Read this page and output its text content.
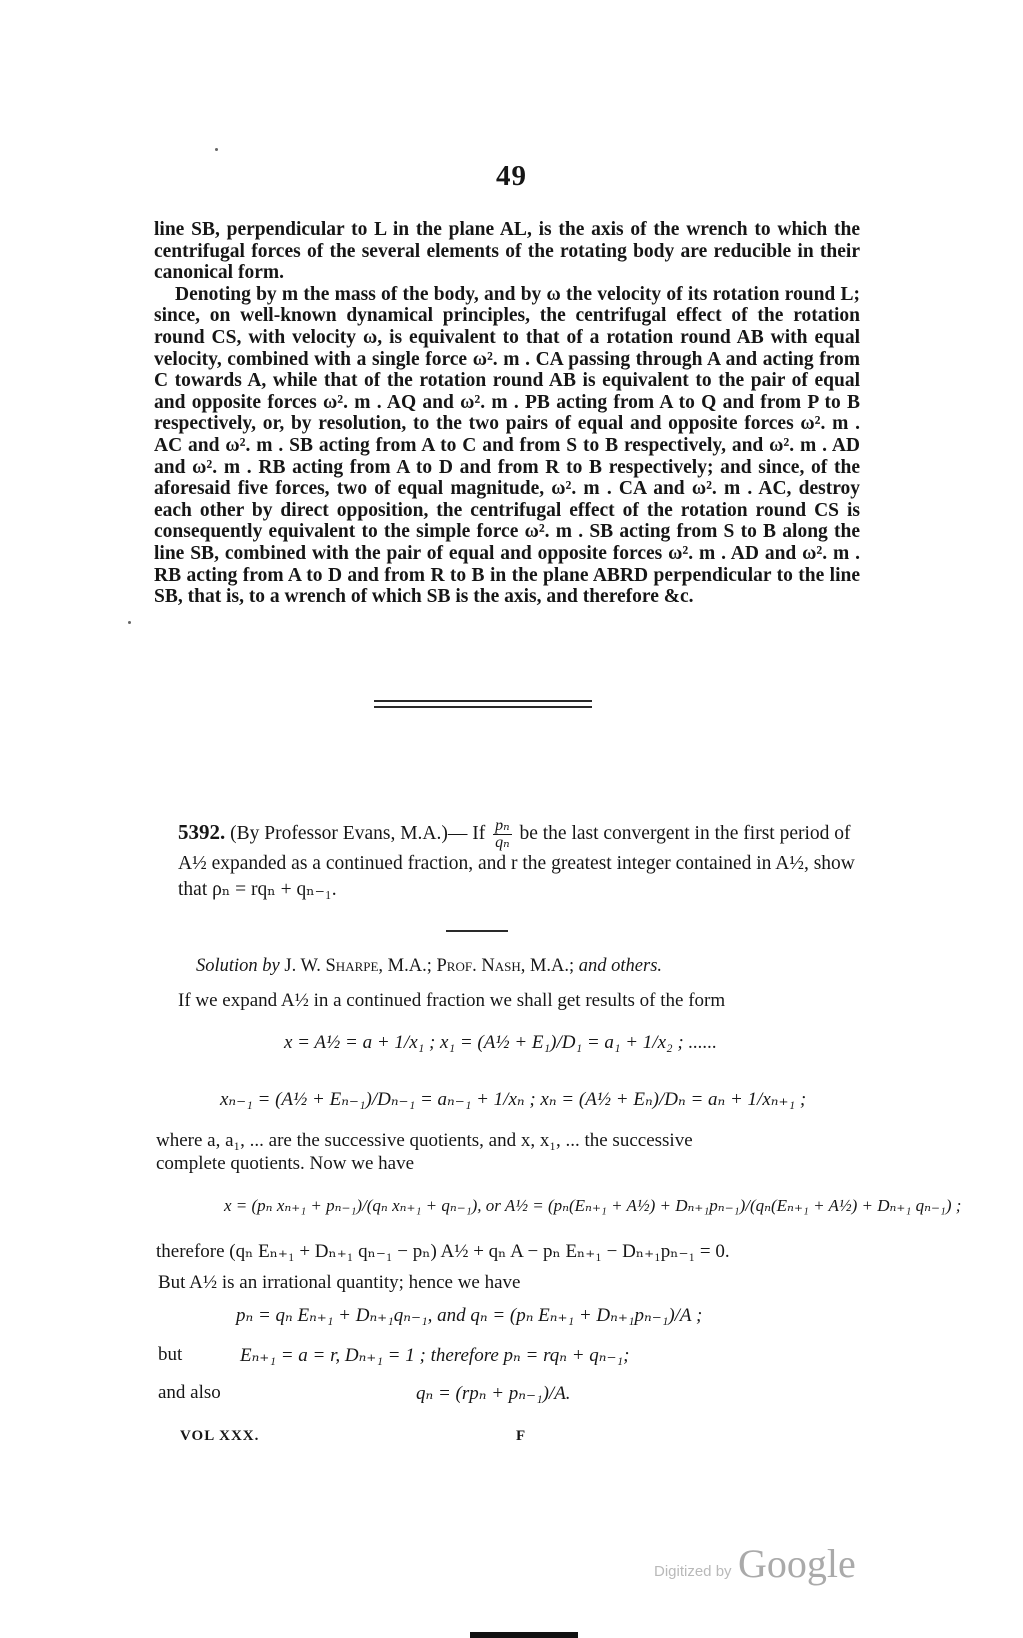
49

line SB, perpendicular to L in the plane AL, is the axis of the wrench to which the centrifugal forces of the several elements of the rotating body are reducible in their canonical form.

Denoting by m the mass of the body, and by ω the velocity of its rotation round L; since, on well-known dynamical principles, the centrifugal effect of the rotation round CS, with velocity ω, is equivalent to that of a rotation round AB with equal velocity, combined with a single force ω². m . CA passing through A and acting from C towards A, while that of the rotation round AB is equivalent to the pair of equal and opposite forces ω². m . AQ and ω². m . PB acting from A to Q and from P to B respectively, or, by resolution, to the two pairs of equal and opposite forces ω². m . AC and ω². m . SB acting from A to C and from S to B respectively, and ω². m . AD and ω². m . RB acting from A to D and from R to B respectively; and since, of the aforesaid five forces, two of equal magnitude, ω². m . CA and ω². m . AC, destroy each other by direct opposition, the centrifugal effect of the rotation round CS is consequently equivalent to the simple force ω². m . SB acting from S to B along the line SB, combined with the pair of equal and opposite forces ω². m . AD and ω². m . RB acting from A to D and from R to B in the plane ABRD perpendicular to the line SB, that is, to a wrench of which SB is the axis, and therefore &c.

5392. (By Professor Evans, M.A.)— If $\frac{\text{pₙ}}{\text{qₙ}}$ be the last convergent in the first period of A½ expanded as a continued fraction, and r the greatest integer contained in A½, show that ρₙ = rqₙ + qₙ₋₁.
Solution by J. W. Sharpe, M.A.; Prof. Nash, M.A.; and others.
If we expand A½ in a continued fraction we shall get results of the form
x = A½ = a + 1/x₁ ; x₁ = (A½ + E₁)/D₁ = a₁ + 1/x₂ ; ......
xₙ₋₁ = (A½ + Eₙ₋₁)/Dₙ₋₁ = aₙ₋₁ + 1/xₙ ; xₙ = (A½ + Eₙ)/Dₙ = aₙ + 1/xₙ₊₁ ;
where a, a₁, ... are the successive quotients, and x, x₁, ... the successive
complete quotients. Now we have
x = (pₙ xₙ₊₁ + pₙ₋₁)/(qₙ xₙ₊₁ + qₙ₋₁), or A½ = (pₙ(Eₙ₊₁ + A½) + Dₙ₊₁pₙ₋₁)/(qₙ(Eₙ₊₁ + A½) + Dₙ₊₁ qₙ₋₁) ;
therefore (qₙ Eₙ₊₁ + Dₙ₊₁ qₙ₋₁ − pₙ) A½ + qₙ A − pₙ Eₙ₊₁ − Dₙ₊₁pₙ₋₁ = 0.
But A½ is an irrational quantity; hence we have
pₙ = qₙ Eₙ₊₁ + Dₙ₊₁qₙ₋₁, and qₙ = (pₙ Eₙ₊₁ + Dₙ₊₁pₙ₋₁)/A ;
but	Eₙ₊₁ = a = r, Dₙ₊₁ = 1 ; therefore pₙ = rqₙ + qₙ₋₁;
and also	qₙ = (rpₙ + pₙ₋₁)/A.
VOL XXX.	F
Digitized by Google
